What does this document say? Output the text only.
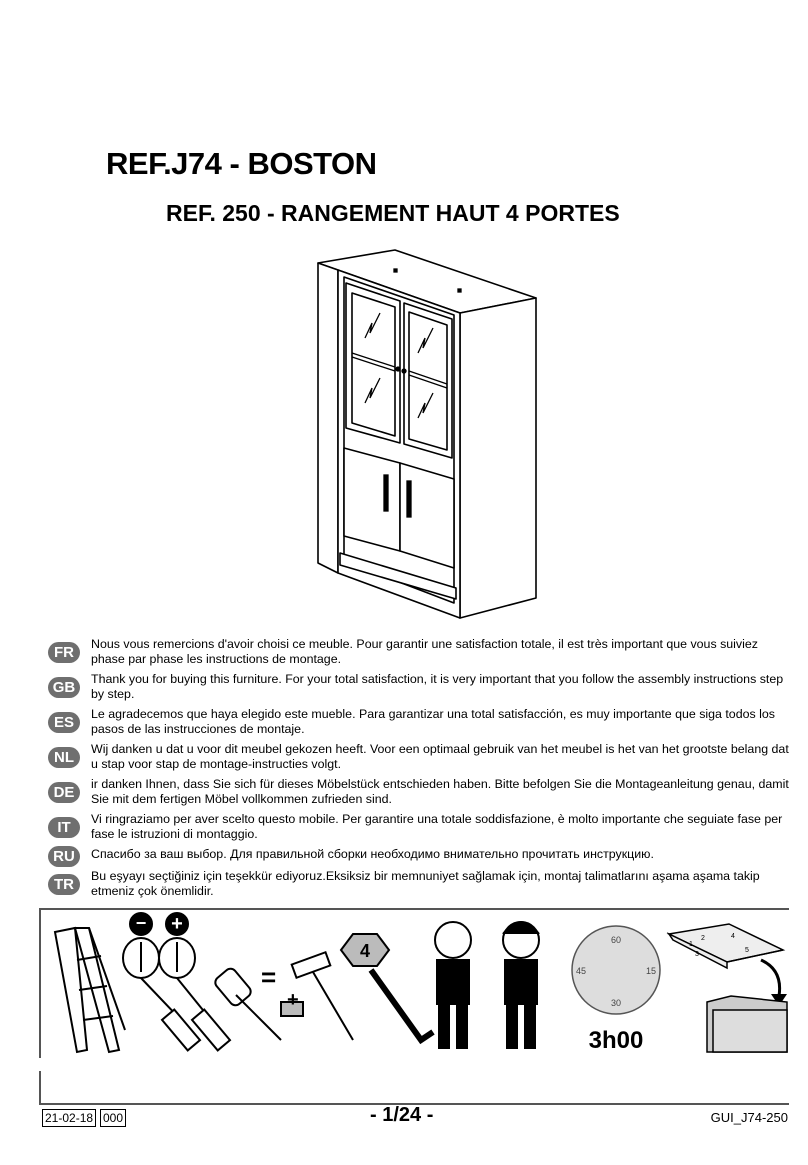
REF.J74 - BOSTON
REF. 250 - RANGEMENT HAUT 4 PORTES
FR	Nous vous remercions d'avoir choisi ce meuble. Pour garantir une satisfaction totale, il est très important que vous suiviez phase par phase les instructions de montage.
GB	Thank you for buying this furniture. For your total satisfaction, it is very important that you follow the assembly instructions step by step.
ES	Le agradecemos que haya elegido este mueble. Para garantizar una total satisfacción, es muy importante que siga todos los pasos de las instrucciones de montaje.
NL	Wij danken u dat u voor dit meubel gekozen heeft. Voor een optimaal gebruik van het meubel is het van het grootste belang dat u stap voor stap de montage-instructies volgt.
DE	ir danken Ihnen, dass Sie sich für dieses Möbelstück entschieden haben. Bitte befolgen Sie die Montageanleitung genau, damit Sie mit dem fertigen Möbel vollkommen zufrieden sind.
IT	Vi ringraziamo per aver scelto questo mobile. Per garantire una totale soddisfazione, è molto importante che seguiate fase per fase le istruzioni di montaggio.
RU	Спасибо за ваш выбор. Для правильной сборки необходимо внимательно прочитать инструкцию.
TR	Bu eşyayı seçtiğiniz için teşekkür ediyoruz.Eksiksiz bir memnuniyet sağlamak için, montaj talimatlarını aşama aşama takip etmeniz çok önemlidir.
− +
=
+
4
60
15
30
45
3h00
1
2
3
4
5
21-02-18 000	- 1/24 -	GUI_J74-250
